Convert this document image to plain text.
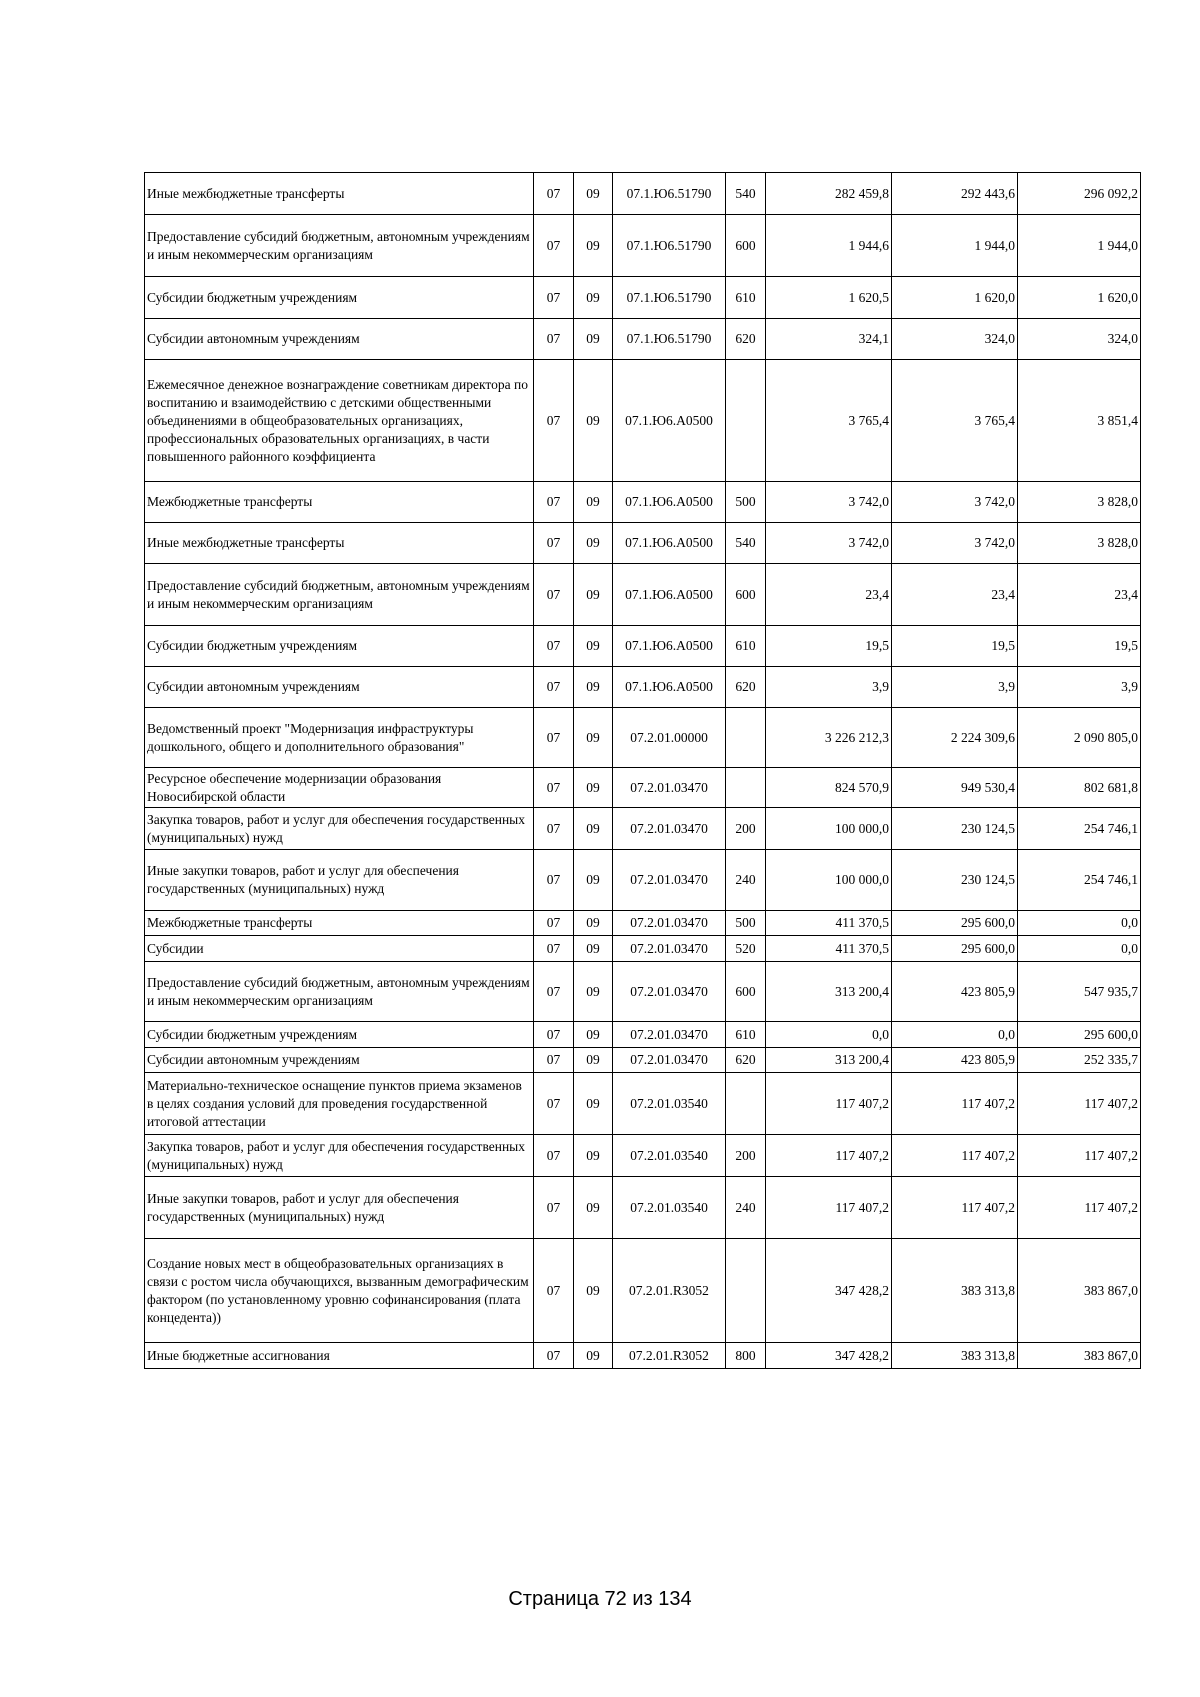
Иные межбюджетные трансферты	07	09	07.1.Ю6.51790	540	282 459,8	292 443,6	296 092,2
Предоставление субсидий бюджетным, автономным учреждениям и иным некоммерческим организациям	07	09	07.1.Ю6.51790	600	1 944,6	1 944,0	1 944,0
Субсидии бюджетным учреждениям	07	09	07.1.Ю6.51790	610	1 620,5	1 620,0	1 620,0
Субсидии автономным учреждениям	07	09	07.1.Ю6.51790	620	324,1	324,0	324,0
Ежемесячное денежное вознаграждение советникам директора по воспитанию и взаимодействию с детскими общественными объединениями в общеобразовательных организациях, профессиональных образовательных организациях, в части повышенного районного коэффициента	07	09	07.1.Ю6.А0500		3 765,4	3 765,4	3 851,4
Межбюджетные трансферты	07	09	07.1.Ю6.А0500	500	3 742,0	3 742,0	3 828,0
Иные межбюджетные трансферты	07	09	07.1.Ю6.А0500	540	3 742,0	3 742,0	3 828,0
Предоставление субсидий бюджетным, автономным учреждениям и иным некоммерческим организациям	07	09	07.1.Ю6.А0500	600	23,4	23,4	23,4
Субсидии бюджетным учреждениям	07	09	07.1.Ю6.А0500	610	19,5	19,5	19,5
Субсидии автономным учреждениям	07	09	07.1.Ю6.А0500	620	3,9	3,9	3,9
Ведомственный проект "Модернизация инфраструктуры дошкольного, общего и дополнительного образования"	07	09	07.2.01.00000		3 226 212,3	2 224 309,6	2 090 805,0
Ресурсное обеспечение модернизации образования Новосибирской области	07	09	07.2.01.03470		824 570,9	949 530,4	802 681,8
Закупка товаров, работ и услуг для обеспечения государственных (муниципальных) нужд	07	09	07.2.01.03470	200	100 000,0	230 124,5	254 746,1
Иные закупки товаров, работ и услуг для обеспечения государственных (муниципальных) нужд	07	09	07.2.01.03470	240	100 000,0	230 124,5	254 746,1
Межбюджетные трансферты	07	09	07.2.01.03470	500	411 370,5	295 600,0	0,0
Субсидии	07	09	07.2.01.03470	520	411 370,5	295 600,0	0,0
Предоставление субсидий бюджетным, автономным учреждениям и иным некоммерческим организациям	07	09	07.2.01.03470	600	313 200,4	423 805,9	547 935,7
Субсидии бюджетным учреждениям	07	09	07.2.01.03470	610	0,0	0,0	295 600,0
Субсидии автономным учреждениям	07	09	07.2.01.03470	620	313 200,4	423 805,9	252 335,7
Материально-техническое оснащение пунктов приема экзаменов в целях создания условий для проведения государственной итоговой аттестации	07	09	07.2.01.03540		117 407,2	117 407,2	117 407,2
Закупка товаров, работ и услуг для обеспечения государственных (муниципальных) нужд	07	09	07.2.01.03540	200	117 407,2	117 407,2	117 407,2
Иные закупки товаров, работ и услуг для обеспечения государственных (муниципальных) нужд	07	09	07.2.01.03540	240	117 407,2	117 407,2	117 407,2
Создание новых мест в общеобразовательных организациях в связи с ростом числа обучающихся, вызванным демографическим фактором (по установленному уровню софинансирования (плата концедента))	07	09	07.2.01.R3052		347 428,2	383 313,8	383 867,0
Иные бюджетные ассигнования	07	09	07.2.01.R3052	800	347 428,2	383 313,8	383 867,0
Страница 72 из 134
